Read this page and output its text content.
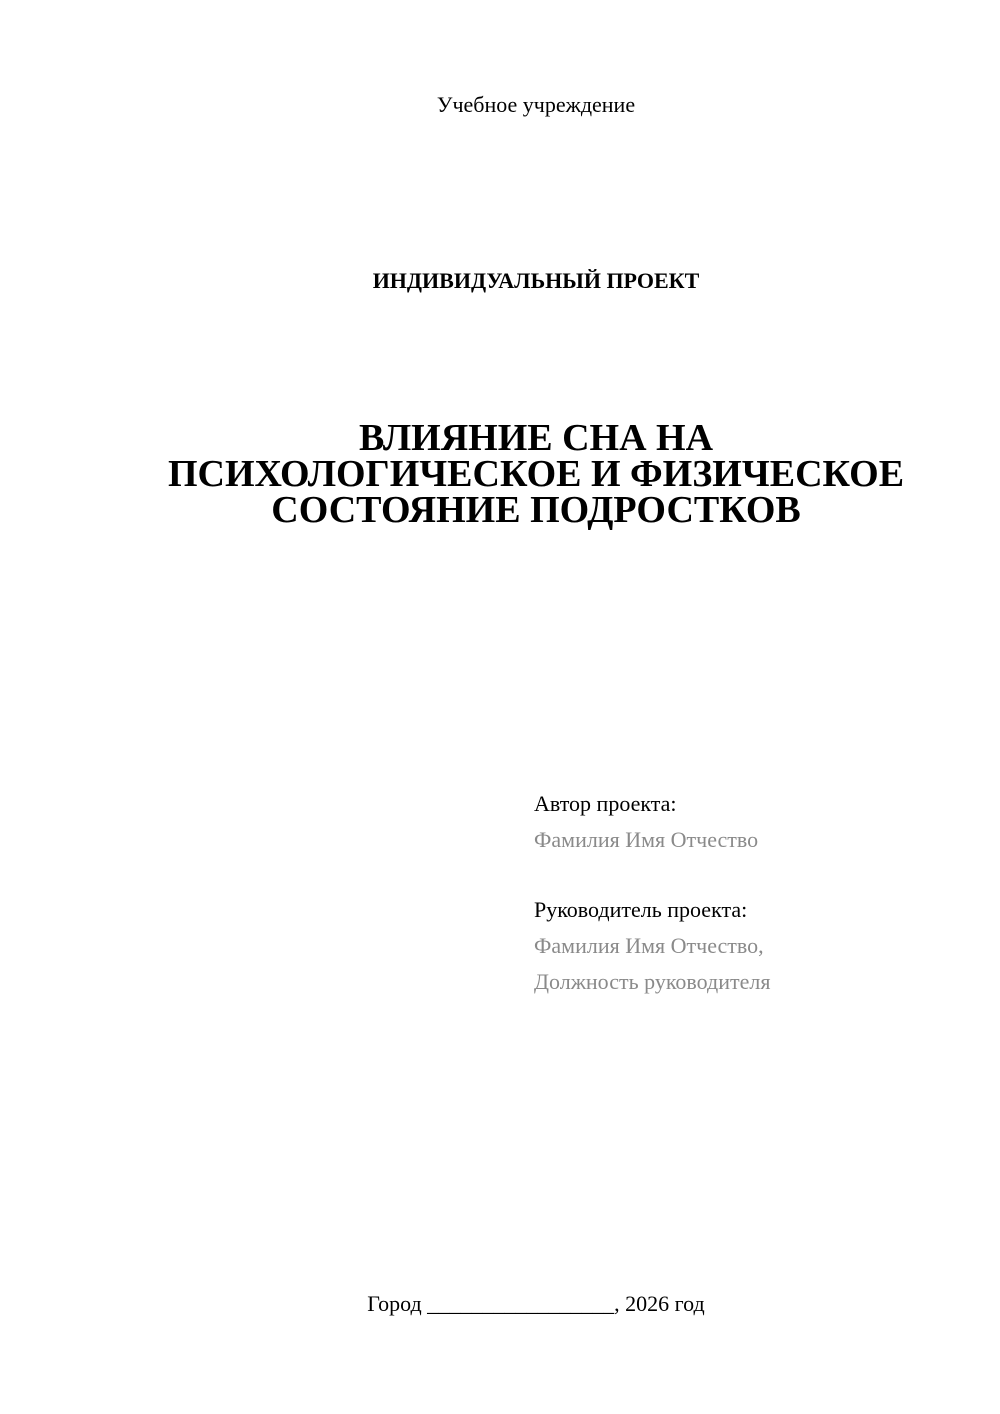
Учебное учреждение
ИНДИВИДУАЛЬНЫЙ ПРОЕКТ
ВЛИЯНИЕ СНА НА
ПСИХОЛОГИЧЕСКОЕ И ФИЗИЧЕСКОЕ
СОСТОЯНИЕ ПОДРОСТКОВ
Автор проекта:
Фамилия Имя Отчество
Руководитель проекта:
Фамилия Имя Отчество,
Должность руководителя
Город _________________, 2026 год
